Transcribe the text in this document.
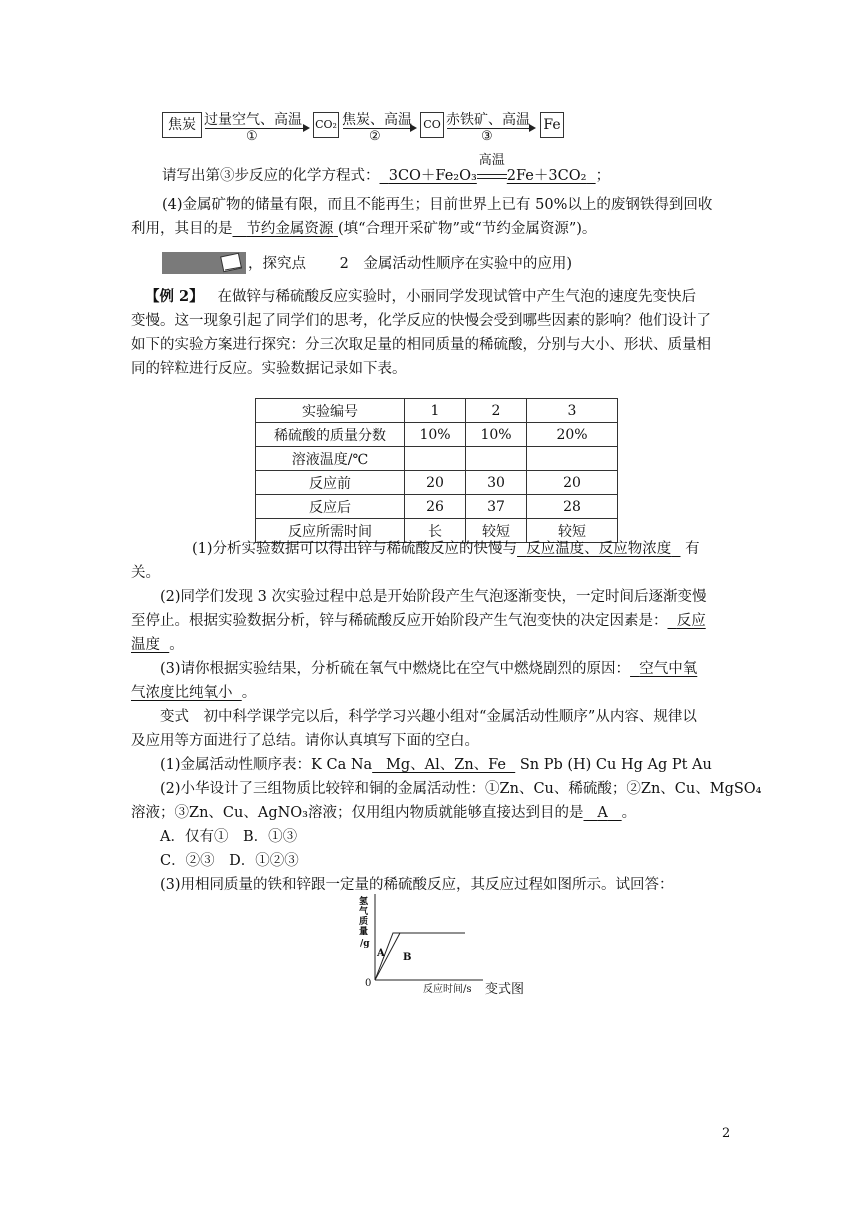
焦炭 过量空气、高温
①
CO₂ 焦炭、高温
②
CO 赤铁矿、高温
③
Fe
请写出第③步反应的化学方程式： 3CO＋Fe₂O₃
高温
2Fe＋3CO₂ ；
(4)金属矿物的储量有限，而且不能再生；目前世界上已有 50%以上的废钢铁得到回收
利用，其目的是 节约金属资源 (填“合理开采矿物”或“节约金属资源”)。
，探究点　　 2　金属活动性顺序在实验中的应用)
【例 2】 在做锌与稀硫酸反应实验时，小丽同学发现试管中产生气泡的速度先变快后
变慢。这一现象引起了同学们的思考，化学反应的快慢会受到哪些因素的影响？他们设计了
如下的实验方案进行探究：分三次取足量的相同质量的稀硫酸，分别与大小、形状、质量相
同的锌粒进行反应。实验数据记录如下表。
实验编号	1	2	3
稀硫酸的质量分数	10%	10%	20%
溶液温度/℃			
反应前	20	30	20
反应后	26	37	28
反应所需时间	长	较短	较短
(1)分析实验数据可以得出锌与稀硫酸反应的快慢与 反应温度、反应物浓度 有
关。
(2)同学们发现 3 次实验过程中总是开始阶段产生气泡逐渐变快，一定时间后逐渐变慢
至停止。根据实验数据分析，锌与稀硫酸反应开始阶段产生气泡变快的决定因素是： 反应
温度 。
(3)请你根据实验结果，分析硫在氧气中燃烧比在空气中燃烧剧烈的原因： 空气中氧
气浓度比纯氧小 。
变式　初中科学课学完以后，科学学习兴趣小组对“金属活动性顺序”从内容、规律以
及应用等方面进行了总结。请你认真填写下面的空白。
(1)金属活动性顺序表：K Ca Na Mg、Al、Zn、Fe Sn Pb (H) Cu Hg Ag Pt Au
(2)小华设计了三组物质比较锌和铜的金属活动性：①Zn、Cu、稀硫酸；②Zn、Cu、MgSO₄
溶液；③Zn、Cu、AgNO₃溶液；仅用组内物质就能够直接达到目的是 A 。
A．仅有①　B．①③
C．②③　D．①②③
(3)用相同质量的铁和锌跟一定量的稀硫酸反应，其反应过程如图所示。试回答：
氢
气
质
量
/g
0
反应时间/s
A B
变式图
2
